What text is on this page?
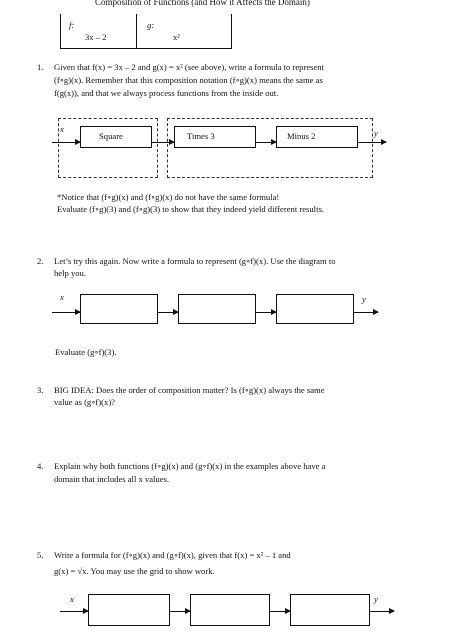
Composition of Functions (and How it Affects the Domain)
f:
3x – 2
g:
x²
1. Given that f(x) = 3x – 2 and g(x) = x² (see above), write a formula to represent
(f∘g)(x). Remember that this composition notation (f∘g)(x) means the same as
f(g(x)), and that we always process functions from the inside out.
x
Square	Times 3	Minus 2	y
*Notice that (f∘g)(x) and (f∘g)(x) do not have the same formula!
Evaluate (f∘g)(3) and (f∘g)(3) to show that they indeed yield different results.
2. Let’s try this again. Now write a formula to represent (g∘f)(x). Use the diagram to
help you.
x	y
Evaluate (g∘f)(3).
3. BIG IDEA: Does the order of composition matter? Is (f∘g)(x) always the same
value as (g∘f)(x)?
4. Explain why both functions (f∘g)(x) and (g∘f)(x) in the examples above have a
domain that includes all x values.
5. Write a formula for (f∘g)(x) and (g∘f)(x), given that f(x) = x² – 1 and
g(x) = √x. You may use the grid to show work.
x	y
